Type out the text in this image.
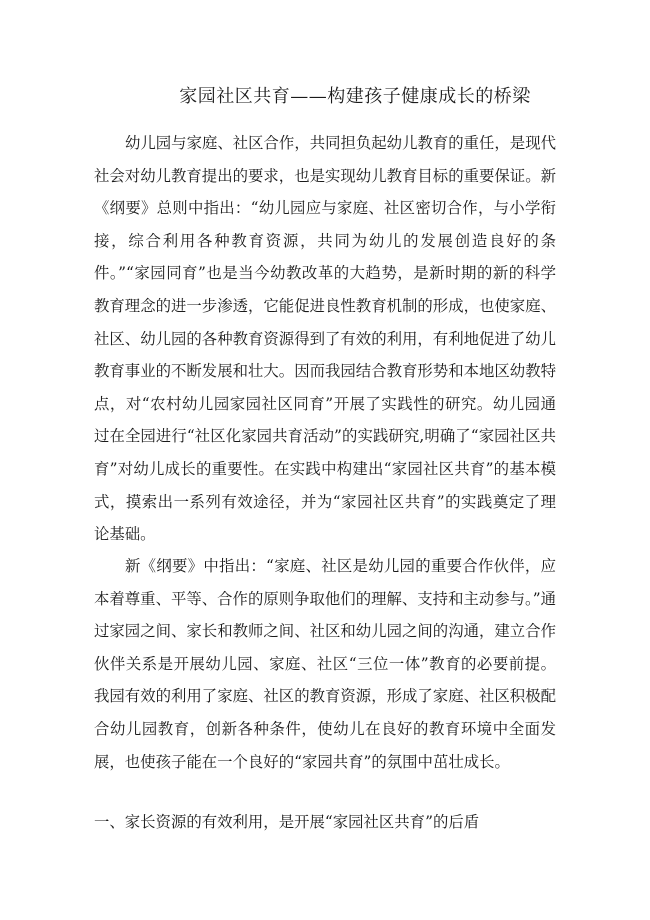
家园社区共育——构建孩子健康成长的桥梁

幼儿园与家庭、社区合作，共同担负起幼儿教育的重任，是现代社会对幼儿教育提出的要求，也是实现幼儿教育目标的重要保证。新《纲要》总则中指出：“幼儿园应与家庭、社区密切合作，与小学衔接，综合利用各种教育资源，共同为幼儿的发展创造良好的条件。”“家园同育”也是当今幼教改革的大趋势，是新时期的新的科学教育理念的进一步渗透，它能促进良性教育机制的形成，也使家庭、社区、幼儿园的各种教育资源得到了有效的利用，有利地促进了幼儿教育事业的不断发展和壮大。因而我园结合教育形势和本地区幼教特点，对“农村幼儿园家园社区同育”开展了实践性的研究。幼儿园通过在全园进行“社区化家园共育活动”的实践研究,明确了“家园社区共育”对幼儿成长的重要性。在实践中构建出“家园社区共育”的基本模式，摸索出一系列有效途径，并为“家园社区共育”的实践奠定了理论基础。

新《纲要》中指出：“家庭、社区是幼儿园的重要合作伙伴，应本着尊重、平等、合作的原则争取他们的理解、支持和主动参与。”通过家园之间、家长和教师之间、社区和幼儿园之间的沟通，建立合作伙伴关系是开展幼儿园、家庭、社区“三位一体”教育的必要前提。我园有效的利用了家庭、社区的教育资源，形成了家庭、社区积极配合幼儿园教育，创新各种条件，使幼儿在良好的教育环境中全面发展，也使孩子能在一个良好的“家园共育”的氛围中茁壮成长。

一、家长资源的有效利用，是开展“家园社区共育”的后盾
